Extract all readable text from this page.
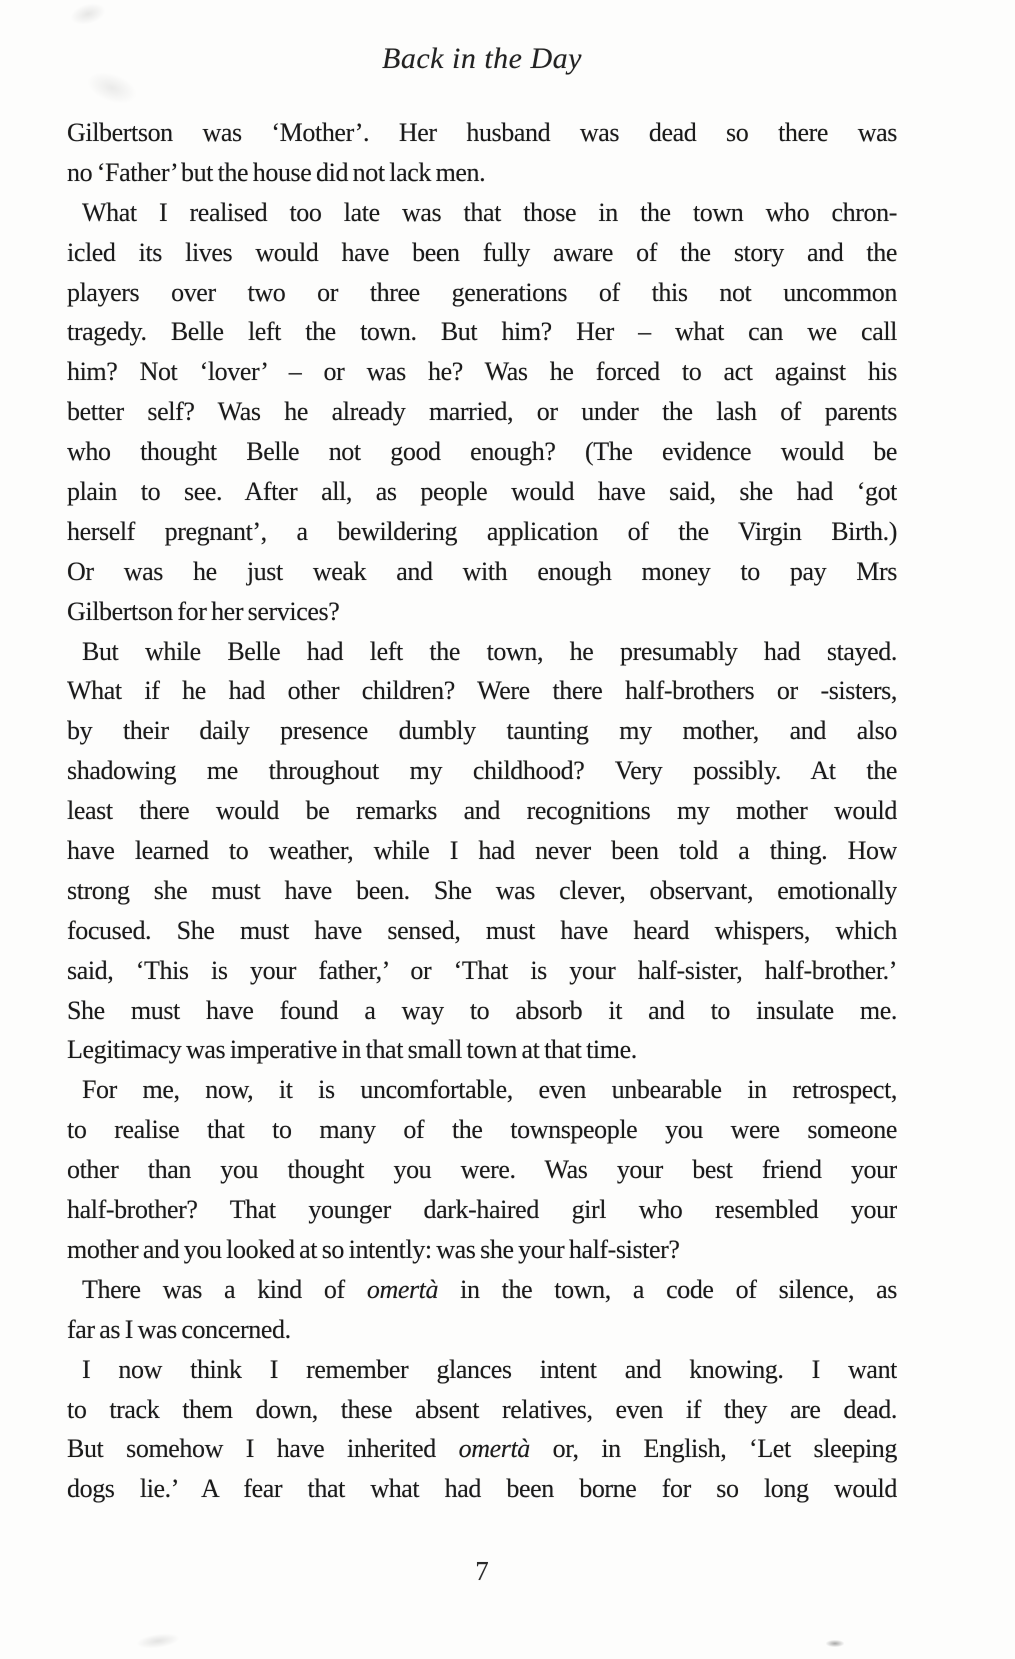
Back in the Day

Gilbertson was ‘Mother’. Her husband was dead so there was
no ‘Father’ but the house did not lack men.

What I realised too late was that those in the town who chron-
icled its lives would have been fully aware of the story and the
players over two or three generations of this not uncommon
tragedy. Belle left the town. But him? Her – what can we call
him? Not ‘lover’ – or was he? Was he forced to act against his
better self? Was he already married, or under the lash of parents
who thought Belle not good enough? (The evidence would be
plain to see. After all, as people would have said, she had ‘got
herself pregnant’, a bewildering application of the Virgin Birth.)
Or was he just weak and with enough money to pay Mrs
Gilbertson for her services?

But while Belle had left the town, he presumably had stayed.
What if he had other children? Were there half-brothers or -sisters,
by their daily presence dumbly taunting my mother, and also
shadowing me throughout my childhood? Very possibly. At the
least there would be remarks and recognitions my mother would
have learned to weather, while I had never been told a thing. How
strong she must have been. She was clever, observant, emotionally
focused. She must have sensed, must have heard whispers, which
said, ‘This is your father,’ or ‘That is your half-sister, half-brother.’
She must have found a way to absorb it and to insulate me.
Legitimacy was imperative in that small town at that time.

For me, now, it is uncomfortable, even unbearable in retrospect,
to realise that to many of the townspeople you were someone
other than you thought you were. Was your best friend your
half-brother? That younger dark-haired girl who resembled your
mother and you looked at so intently: was she your half-sister?

There was a kind of omertà in the town, a code of silence, as
far as I was concerned.

I now think I remember glances intent and knowing. I want
to track them down, these absent relatives, even if they are dead.
But somehow I have inherited omertà or, in English, ‘Let sleeping
dogs lie.’ A fear that what had been borne for so long would

7
